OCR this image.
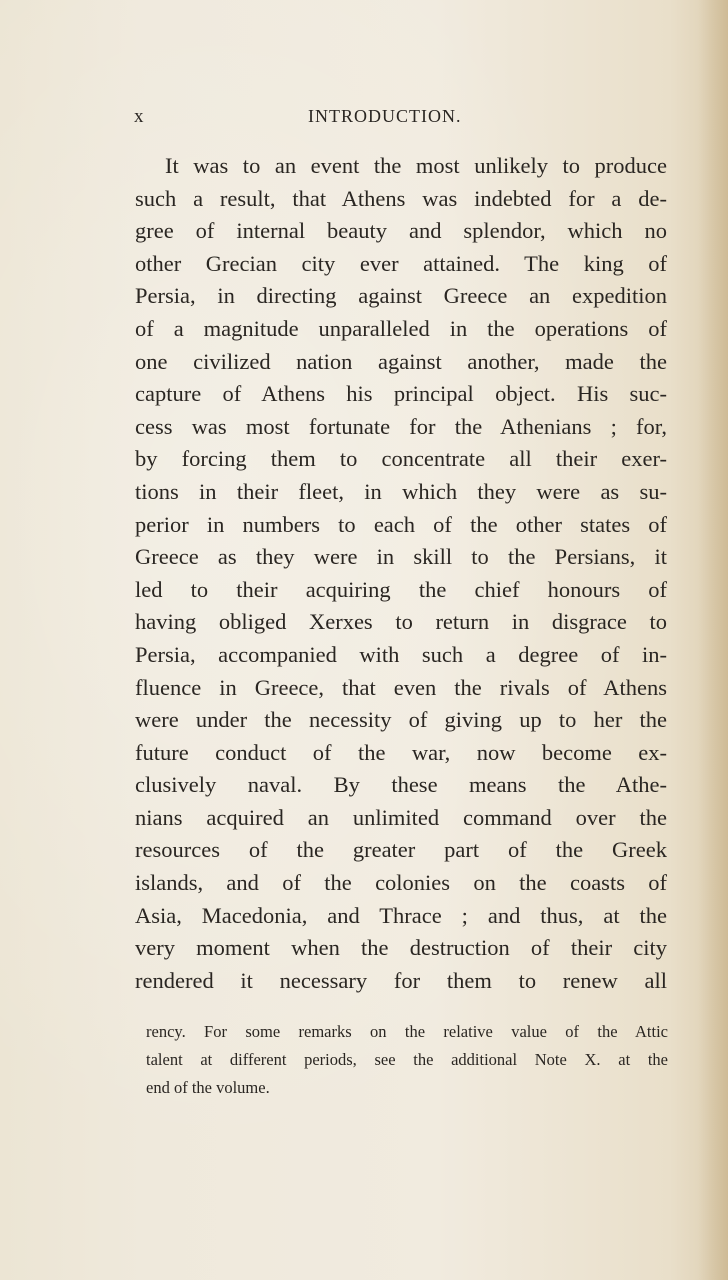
x	INTRODUCTION.
It was to an event the most unlikely to produce
such a result, that Athens was indebted for a de-
gree of internal beauty and splendor, which no
other Grecian city ever attained. The king of
Persia, in directing against Greece an expedition
of a magnitude unparalleled in the operations of
one civilized nation against another, made the
capture of Athens his principal object. His suc-
cess was most fortunate for the Athenians ; for,
by forcing them to concentrate all their exer-
tions in their fleet, in which they were as su-
perior in numbers to each of the other states of
Greece as they were in skill to the Persians, it
led to their acquiring the chief honours of
having obliged Xerxes to return in disgrace to
Persia, accompanied with such a degree of in-
fluence in Greece, that even the rivals of Athens
were under the necessity of giving up to her the
future conduct of the war, now become ex-
clusively naval. By these means the Athe-
nians acquired an unlimited command over the
resources of the greater part of the Greek
islands, and of the colonies on the coasts of
Asia, Macedonia, and Thrace ; and thus, at the
very moment when the destruction of their city
rendered it necessary for them to renew all
rency. For some remarks on the relative value of the Attic
talent at different periods, see the additional Note X. at the
end of the volume.
